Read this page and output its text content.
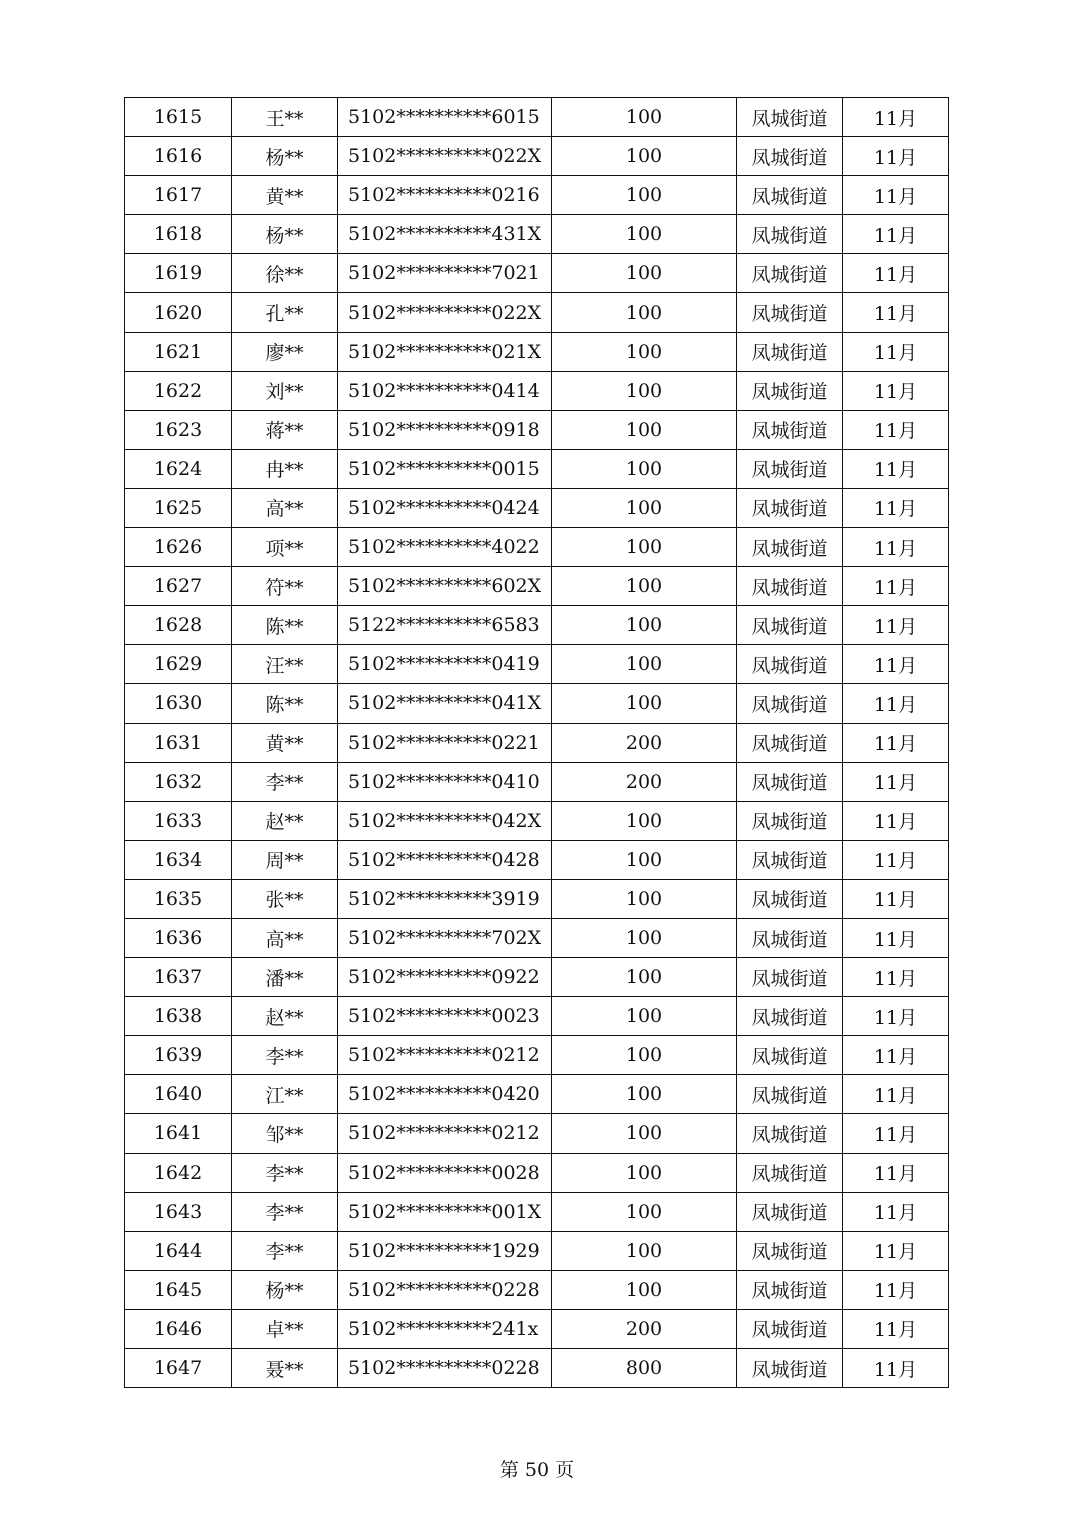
1615	王**	5102**********6015	100	凤城街道	11月
1616	杨**	5102**********022X	100	凤城街道	11月
1617	黄**	5102**********0216	100	凤城街道	11月
1618	杨**	5102**********431X	100	凤城街道	11月
1619	徐**	5102**********7021	100	凤城街道	11月
1620	孔**	5102**********022X	100	凤城街道	11月
1621	廖**	5102**********021X	100	凤城街道	11月
1622	刘**	5102**********0414	100	凤城街道	11月
1623	蒋**	5102**********0918	100	凤城街道	11月
1624	冉**	5102**********0015	100	凤城街道	11月
1625	高**	5102**********0424	100	凤城街道	11月
1626	项**	5102**********4022	100	凤城街道	11月
1627	符**	5102**********602X	100	凤城街道	11月
1628	陈**	5122**********6583	100	凤城街道	11月
1629	汪**	5102**********0419	100	凤城街道	11月
1630	陈**	5102**********041X	100	凤城街道	11月
1631	黄**	5102**********0221	200	凤城街道	11月
1632	李**	5102**********0410	200	凤城街道	11月
1633	赵**	5102**********042X	100	凤城街道	11月
1634	周**	5102**********0428	100	凤城街道	11月
1635	张**	5102**********3919	100	凤城街道	11月
1636	高**	5102**********702X	100	凤城街道	11月
1637	潘**	5102**********0922	100	凤城街道	11月
1638	赵**	5102**********0023	100	凤城街道	11月
1639	李**	5102**********0212	100	凤城街道	11月
1640	江**	5102**********0420	100	凤城街道	11月
1641	邹**	5102**********0212	100	凤城街道	11月
1642	李**	5102**********0028	100	凤城街道	11月
1643	李**	5102**********001X	100	凤城街道	11月
1644	李**	5102**********1929	100	凤城街道	11月
1645	杨**	5102**********0228	100	凤城街道	11月
1646	卓**	5102**********241x	200	凤城街道	11月
1647	聂**	5102**********0228	800	凤城街道	11月
第 50 页
